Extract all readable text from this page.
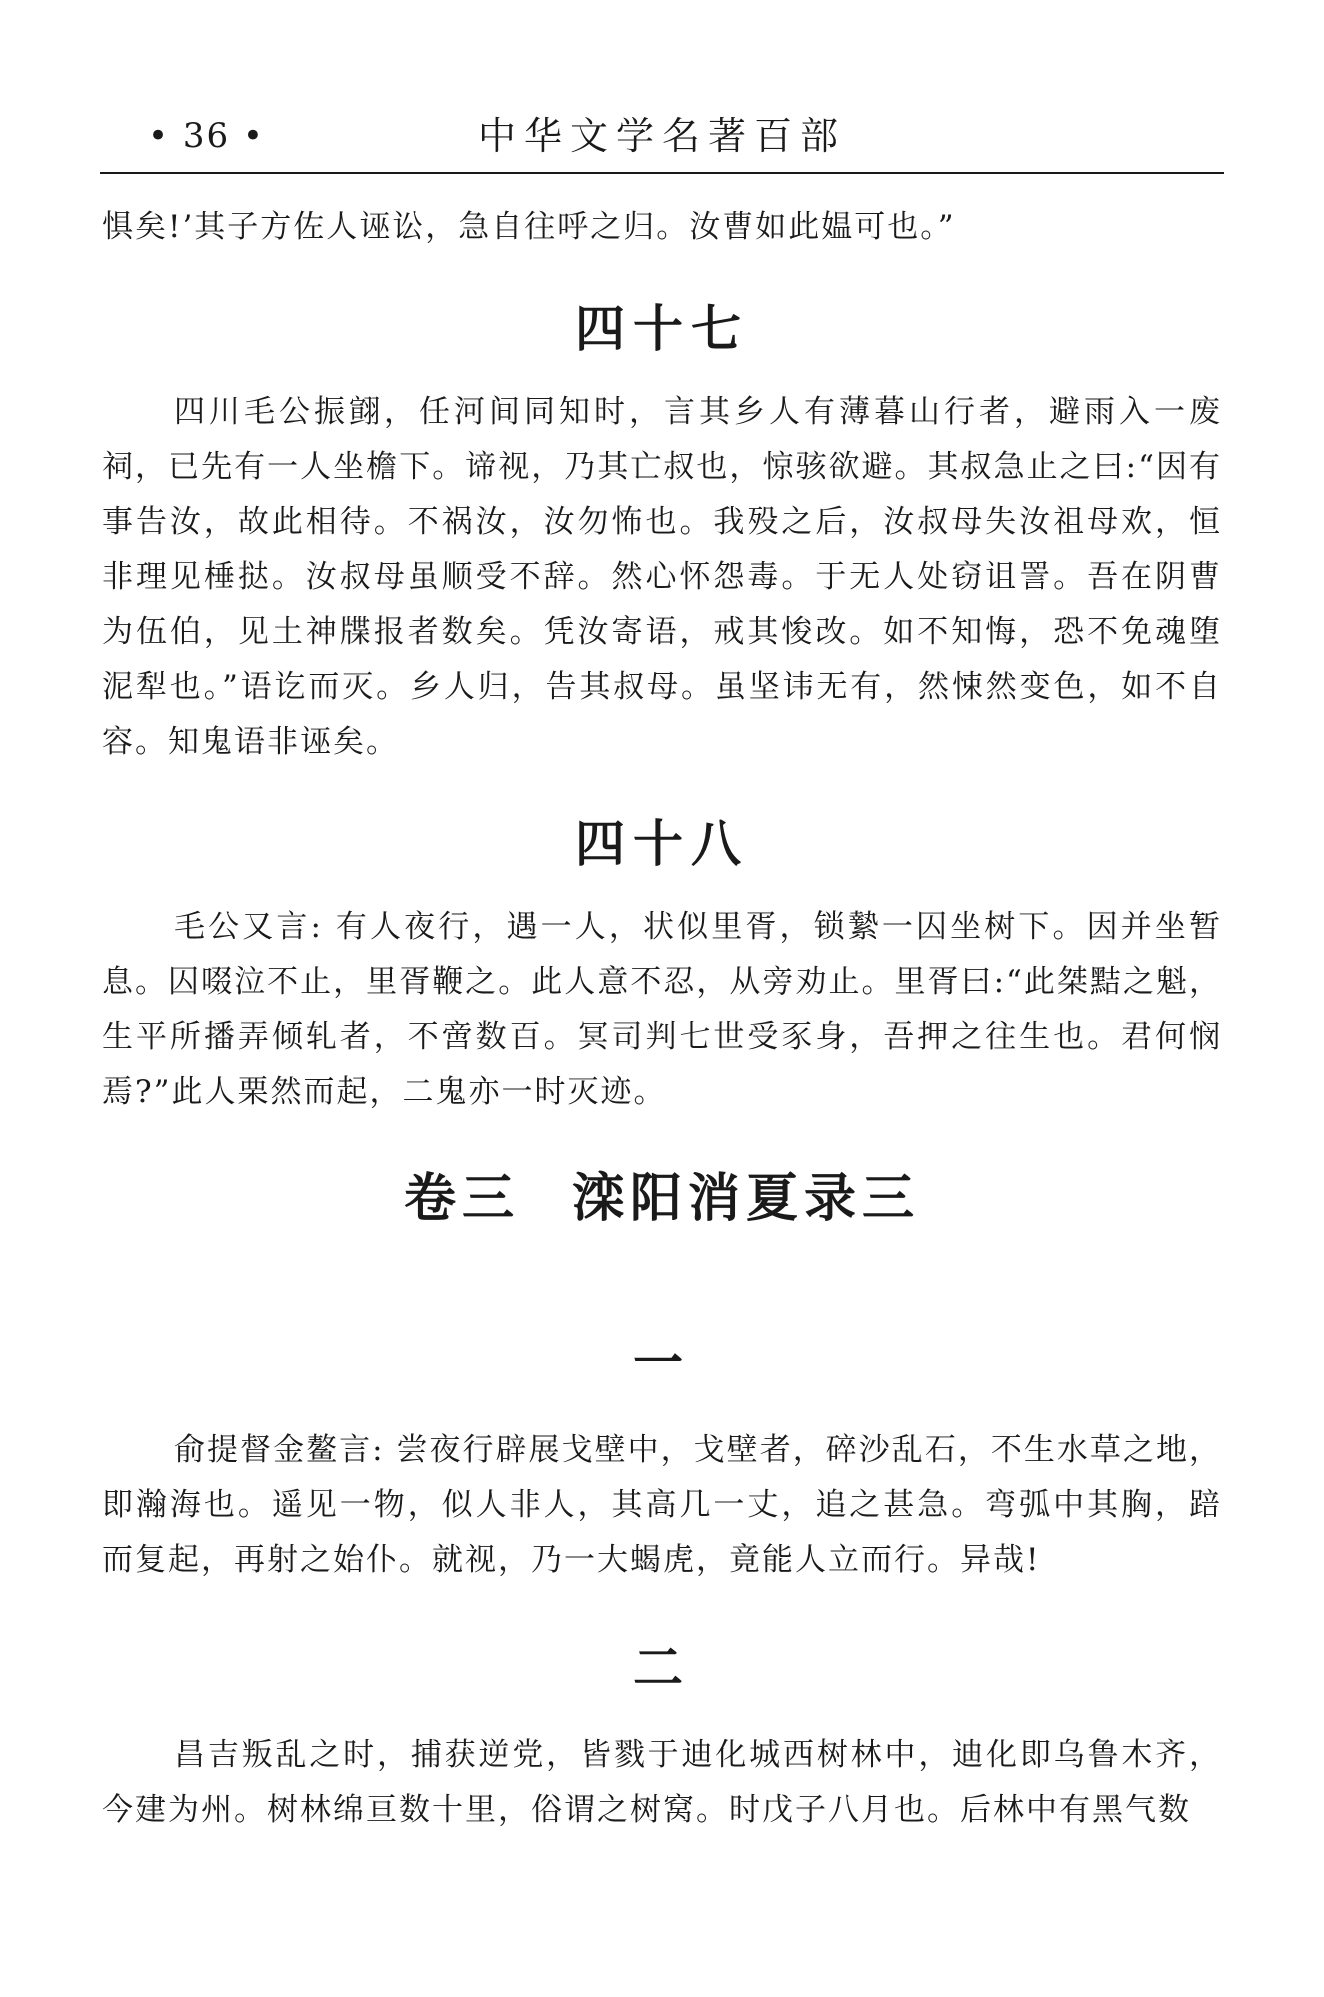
• 36 •	中华文学名著百部

惧矣!’其子方佐人诬讼，急自往呼之归。汝曹如此媪可也。”

四十七

四川毛公振翧，任河间同知时，言其乡人有薄暮山行者，避雨入一废祠，已先有一人坐檐下。谛视，乃其亡叔也，惊骇欲避。其叔急止之曰:“因有事告汝，故此相待。不祸汝，汝勿怖也。我殁之后，汝叔母失汝祖母欢，恒非理见棰挞。汝叔母虽顺受不辞。然心怀怨毒。于无人处窃诅詈。吾在阴曹为伍伯，见土神牒报者数矣。凭汝寄语，戒其悛改。如不知悔，恐不免魂堕泥犁也。”语讫而灭。乡人归，告其叔母。虽坚讳无有，然悚然变色，如不自容。知鬼语非诬矣。

四十八

毛公又言: 有人夜行，遇一人，状似里胥，锁縶一囚坐树下。因并坐暂息。囚啜泣不止，里胥鞭之。此人意不忍，从旁劝止。里胥曰:“此桀黠之魁，生平所播弄倾轧者，不啻数百。冥司判七世受豕身，吾押之往生也。君何悯焉?”此人栗然而起，二鬼亦一时灭迹。

卷三 滦阳消夏录三
一

俞提督金鳌言: 尝夜行辟展戈壁中，戈壁者，碎沙乱石，不生水草之地，即瀚海也。遥见一物，似人非人，其高几一丈，追之甚急。弯弧中其胸，踣而复起，再射之始仆。就视，乃一大蝎虎，竟能人立而行。异哉!

二

昌吉叛乱之时，捕获逆党，皆戮于迪化城西树林中，迪化即乌鲁木齐，今建为州。树林绵亘数十里，俗谓之树窝。时戊子八月也。后林中有黑气数
